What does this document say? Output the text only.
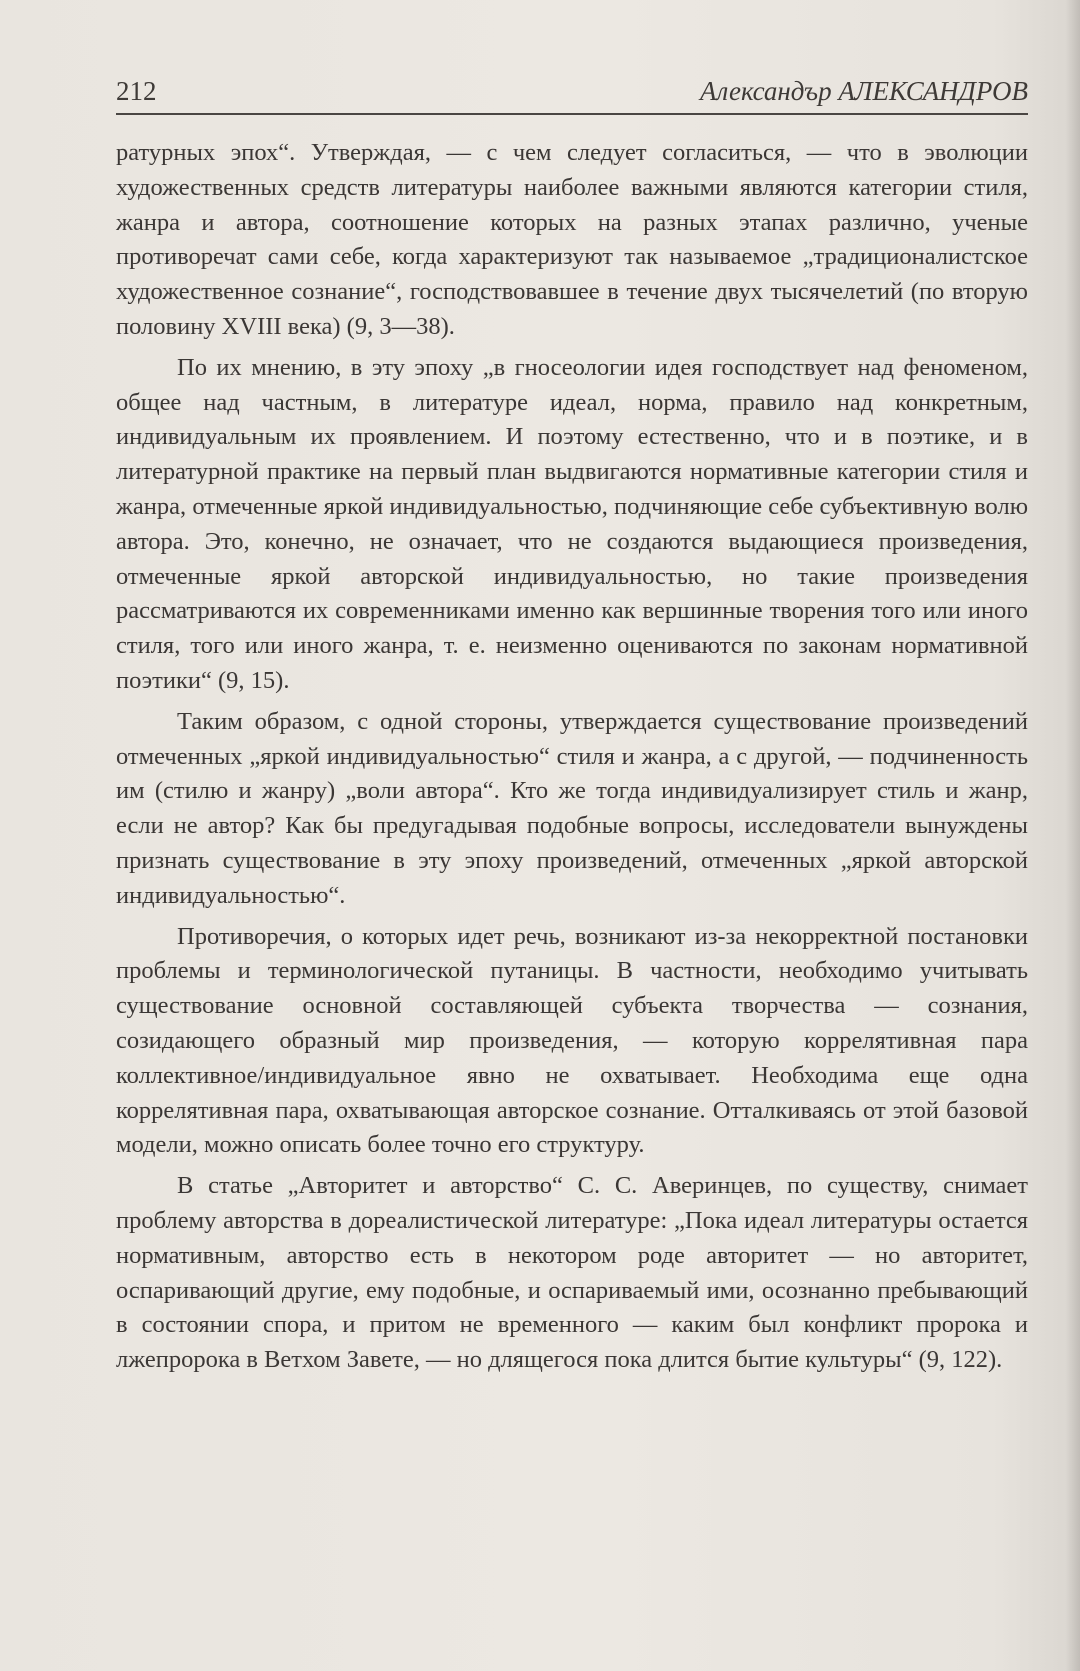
212	Александър АЛЕКСАНДРОВ

ратурных эпох“. Утверждая, — с чем следует согласиться, — что в эволюции художественных средств литературы наиболее важными являются категории стиля, жанра и автора, соотношение которых на разных этапах различно, ученые противоречат сами себе, когда характеризуют так называемое „традиционалистское художественное сознание“, господствовавшее в течение двух тысячелетий (по вторую половину XVIII века) (9, 3—38).

По их мнению, в эту эпоху „в гносеологии идея господствует над феноменом, общее над частным, в литературе идеал, норма, правило над конкретным, индивидуальным их проявлением. И поэтому естественно, что и в поэтике, и в литературной практике на первый план выдвигаются нормативные категории стиля и жанра, отмеченные яркой индивидуальностью, подчиняющие себе субъективную волю автора. Это, конечно, не означает, что не создаются выдающиеся произведения, отмеченные яркой авторской индивидуальностью, но такие произведения рассматриваются их современниками именно как вершинные творения того или иного стиля, того или иного жанра, т. е. неизменно оцениваются по законам нормативной поэтики“ (9, 15).

Таким образом, с одной стороны, утверждается существование произведений отмеченных „яркой индивидуальностью“ стиля и жанра, а с другой, — подчиненность им (стилю и жанру) „воли автора“. Кто же тогда индивидуализирует стиль и жанр, если не автор? Как бы предугадывая подобные вопросы, исследователи вынуждены признать существование в эту эпоху произведений, отмеченных „яркой авторской индивидуальностью“.

Противоречия, о которых идет речь, возникают из-за некорректной постановки проблемы и терминологической путаницы. В частности, необходимо учитывать существование основной составляющей субъекта творчества — сознания, созидающего образный мир произведения, — которую коррелятивная пара коллективное/индивидуальное явно не охватывает. Необходима еще одна коррелятивная пара, охватывающая авторское сознание. Отталкиваясь от этой базовой модели, можно описать более точно его структуру.

В статье „Авторитет и авторство“ С. С. Аверинцев, по существу, снимает проблему авторства в дореалистической литературе: „Пока идеал литературы остается нормативным, авторство есть в некотором роде авторитет — но авторитет, оспаривающий другие, ему подобные, и оспариваемый ими, осознанно пребывающий в состоянии спора, и притом не временного — каким был конфликт пророка и лжепророка в Ветхом Завете, — но длящегося пока длится бытие культуры“ (9, 122).
